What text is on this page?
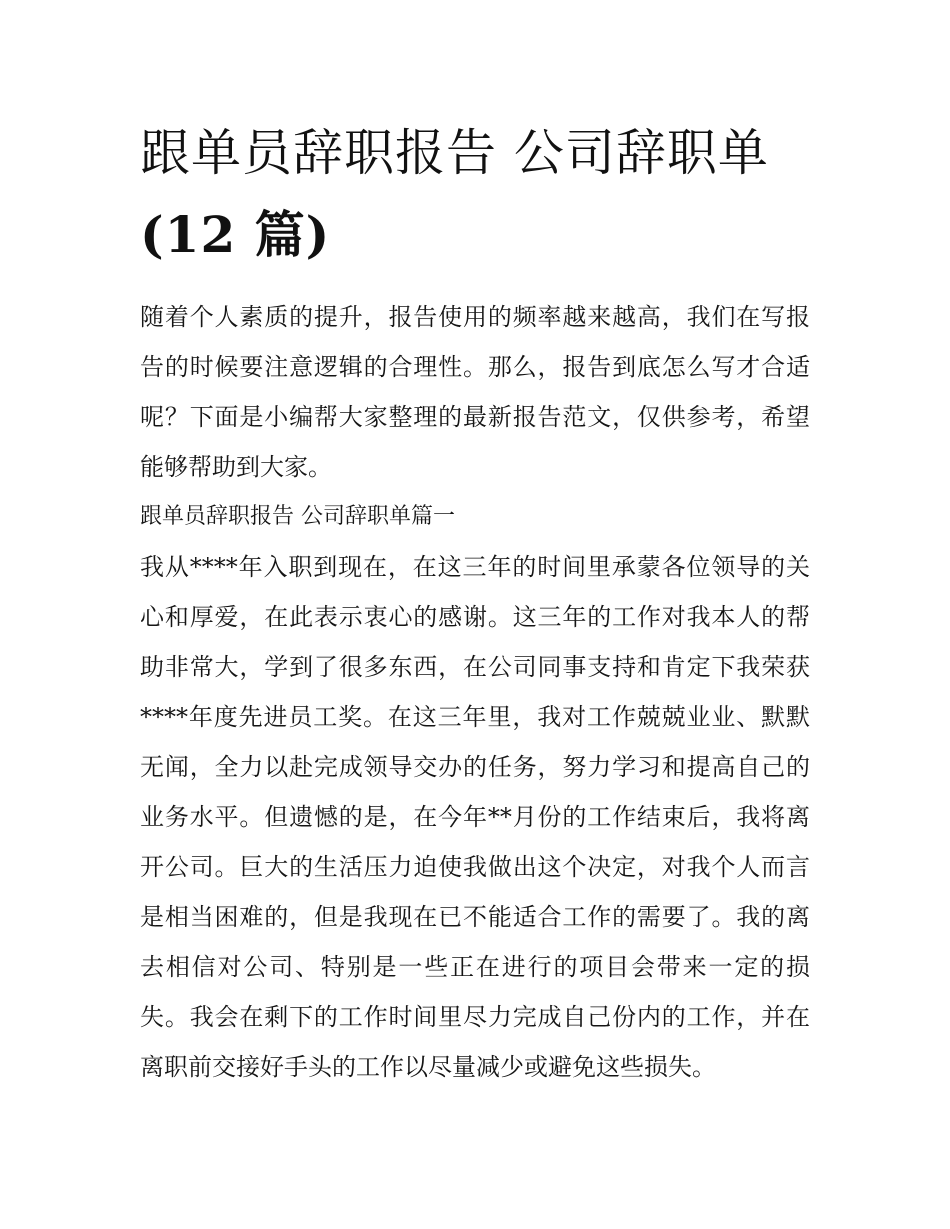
跟单员辞职报告 公司辞职单
(12 篇)

随着个人素质的提升，报告使用的频率越来越高，我们在写报告的时候要注意逻辑的合理性。那么，报告到底怎么写才合适呢？下面是小编帮大家整理的最新报告范文，仅供参考，希望能够帮助到大家。

跟单员辞职报告 公司辞职单篇一

我从****年入职到现在，在这三年的时间里承蒙各位领导的关心和厚爱，在此表示衷心的感谢。这三年的工作对我本人的帮助非常大，学到了很多东西，在公司同事支持和肯定下我荣获****年度先进员工奖。在这三年里，我对工作兢兢业业、默默无闻，全力以赴完成领导交办的任务，努力学习和提高自己的业务水平。但遗憾的是，在今年**月份的工作结束后，我将离开公司。巨大的生活压力迫使我做出这个决定，对我个人而言是相当困难的，但是我现在已不能适合工作的需要了。我的离去相信对公司、特别是一些正在进行的项目会带来一定的损失。我会在剩下的工作时间里尽力完成自己份内的工作，并在离职前交接好手头的工作以尽量减少或避免这些损失。
